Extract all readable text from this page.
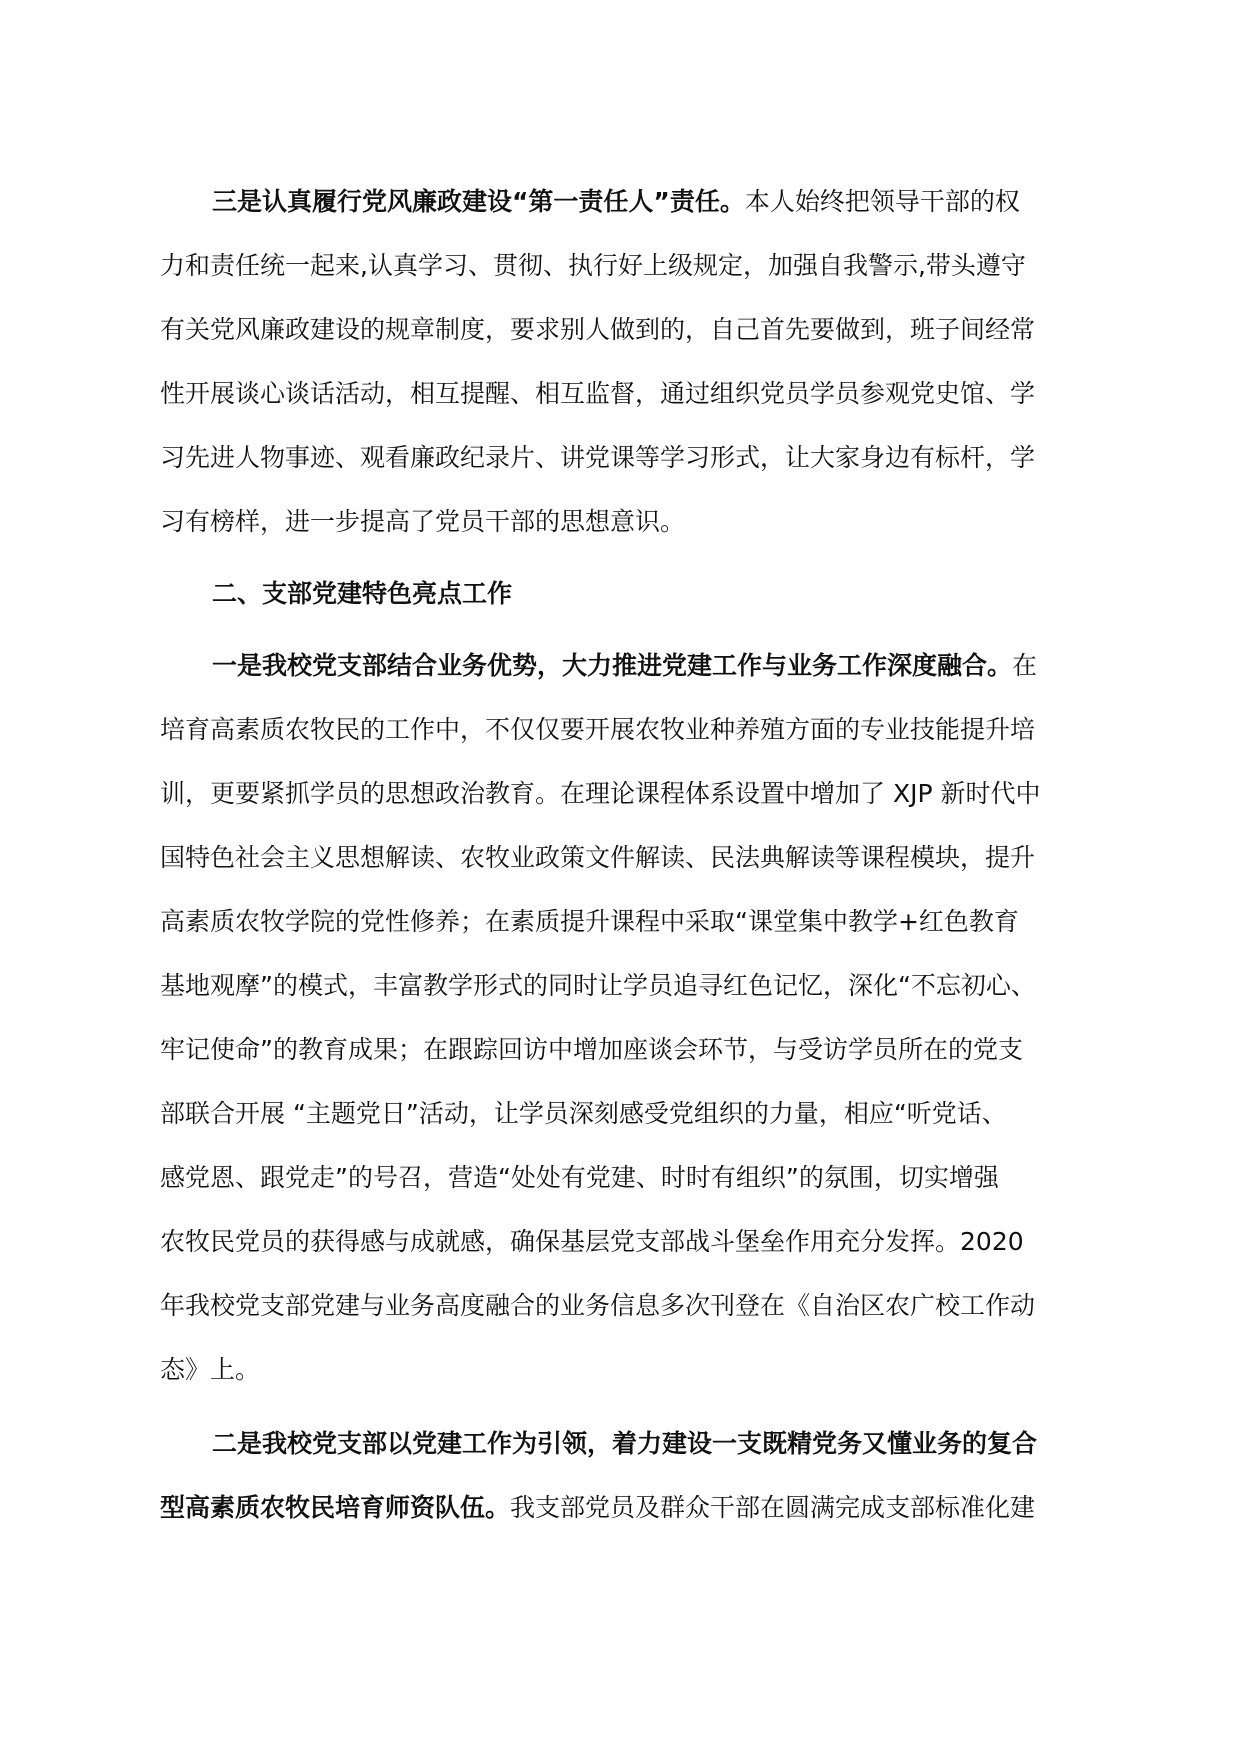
三是认真履行党风廉政建设“第一责任人”责任。本人始终把领导干部的权
力和责任统一起来,认真学习、贯彻、执行好上级规定，加强自我警示,带头遵守
有关党风廉政建设的规章制度，要求别人做到的，自己首先要做到，班子间经常
性开展谈心谈话活动，相互提醒、相互监督，通过组织党员学员参观党史馆、学
习先进人物事迹、观看廉政纪录片、讲党课等学习形式，让大家身边有标杆，学
习有榜样，进一步提高了党员干部的思想意识。
二、支部党建特色亮点工作
一是我校党支部结合业务优势，大力推进党建工作与业务工作深度融合。在
培育高素质农牧民的工作中，不仅仅要开展农牧业种养殖方面的专业技能提升培
训，更要紧抓学员的思想政治教育。在理论课程体系设置中增加了 XJP 新时代中
国特色社会主义思想解读、农牧业政策文件解读、民法典解读等课程模块，提升
高素质农牧学院的党性修养；在素质提升课程中采取“课堂集中教学+红色教育
基地观摩”的模式，丰富教学形式的同时让学员追寻红色记忆，深化“不忘初心、
牢记使命”的教育成果；在跟踪回访中增加座谈会环节，与受访学员所在的党支
部联合开展 “主题党日”活动，让学员深刻感受党组织的力量，相应“听党话、
感党恩、跟党走”的号召，营造“处处有党建、时时有组织”的氛围，切实增强
农牧民党员的获得感与成就感，确保基层党支部战斗堡垒作用充分发挥。2020
年我校党支部党建与业务高度融合的业务信息多次刊登在《自治区农广校工作动
态》上。
二是我校党支部以党建工作为引领，着力建设一支既精党务又懂业务的复合
型高素质农牧民培育师资队伍。我支部党员及群众干部在圆满完成支部标准化建
